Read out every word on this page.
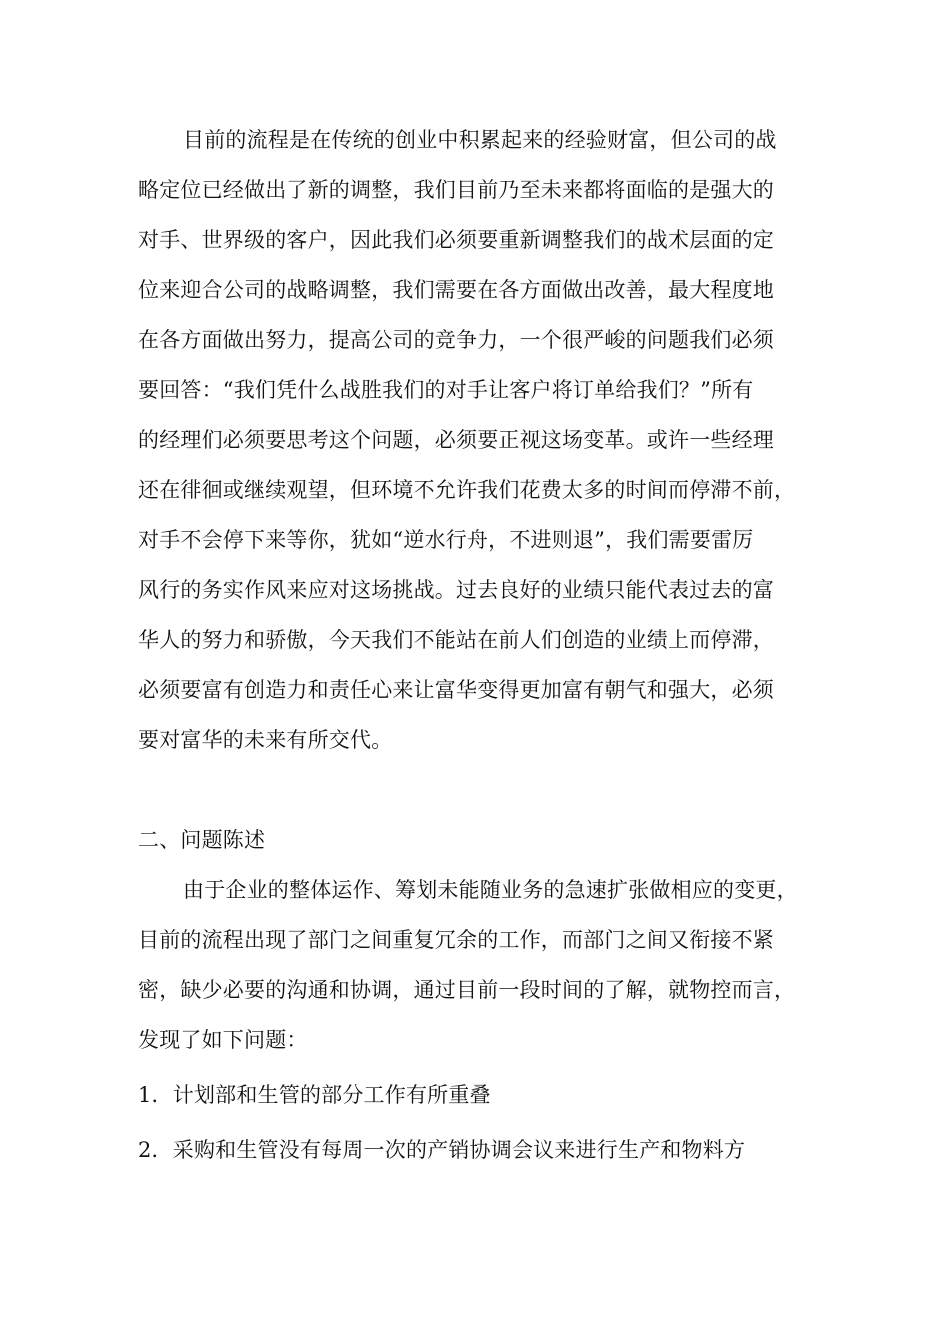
目前的流程是在传统的创业中积累起来的经验财富，但公司的战
略定位已经做出了新的调整，我们目前乃至未来都将面临的是强大的
对手、世界级的客户，因此我们必须要重新调整我们的战术层面的定
位来迎合公司的战略调整，我们需要在各方面做出改善，最大程度地
在各方面做出努力，提高公司的竞争力，一个很严峻的问题我们必须
要回答：“我们凭什么战胜我们的对手让客户将订单给我们？”所有
的经理们必须要思考这个问题，必须要正视这场变革。或许一些经理
还在徘徊或继续观望，但环境不允许我们花费太多的时间而停滞不前，
对手不会停下来等你，犹如“逆水行舟，不进则退”，我们需要雷厉
风行的务实作风来应对这场挑战。过去良好的业绩只能代表过去的富
华人的努力和骄傲，今天我们不能站在前人们创造的业绩上而停滞，
必须要富有创造力和责任心来让富华变得更加富有朝气和强大，必须
要对富华的未来有所交代。
二、问题陈述
由于企业的整体运作、筹划未能随业务的急速扩张做相应的变更，
目前的流程出现了部门之间重复冗余的工作，而部门之间又衔接不紧
密，缺少必要的沟通和协调，通过目前一段时间的了解，就物控而言，
发现了如下问题：
1．计划部和生管的部分工作有所重叠
2．采购和生管没有每周一次的产销协调会议来进行生产和物料方
